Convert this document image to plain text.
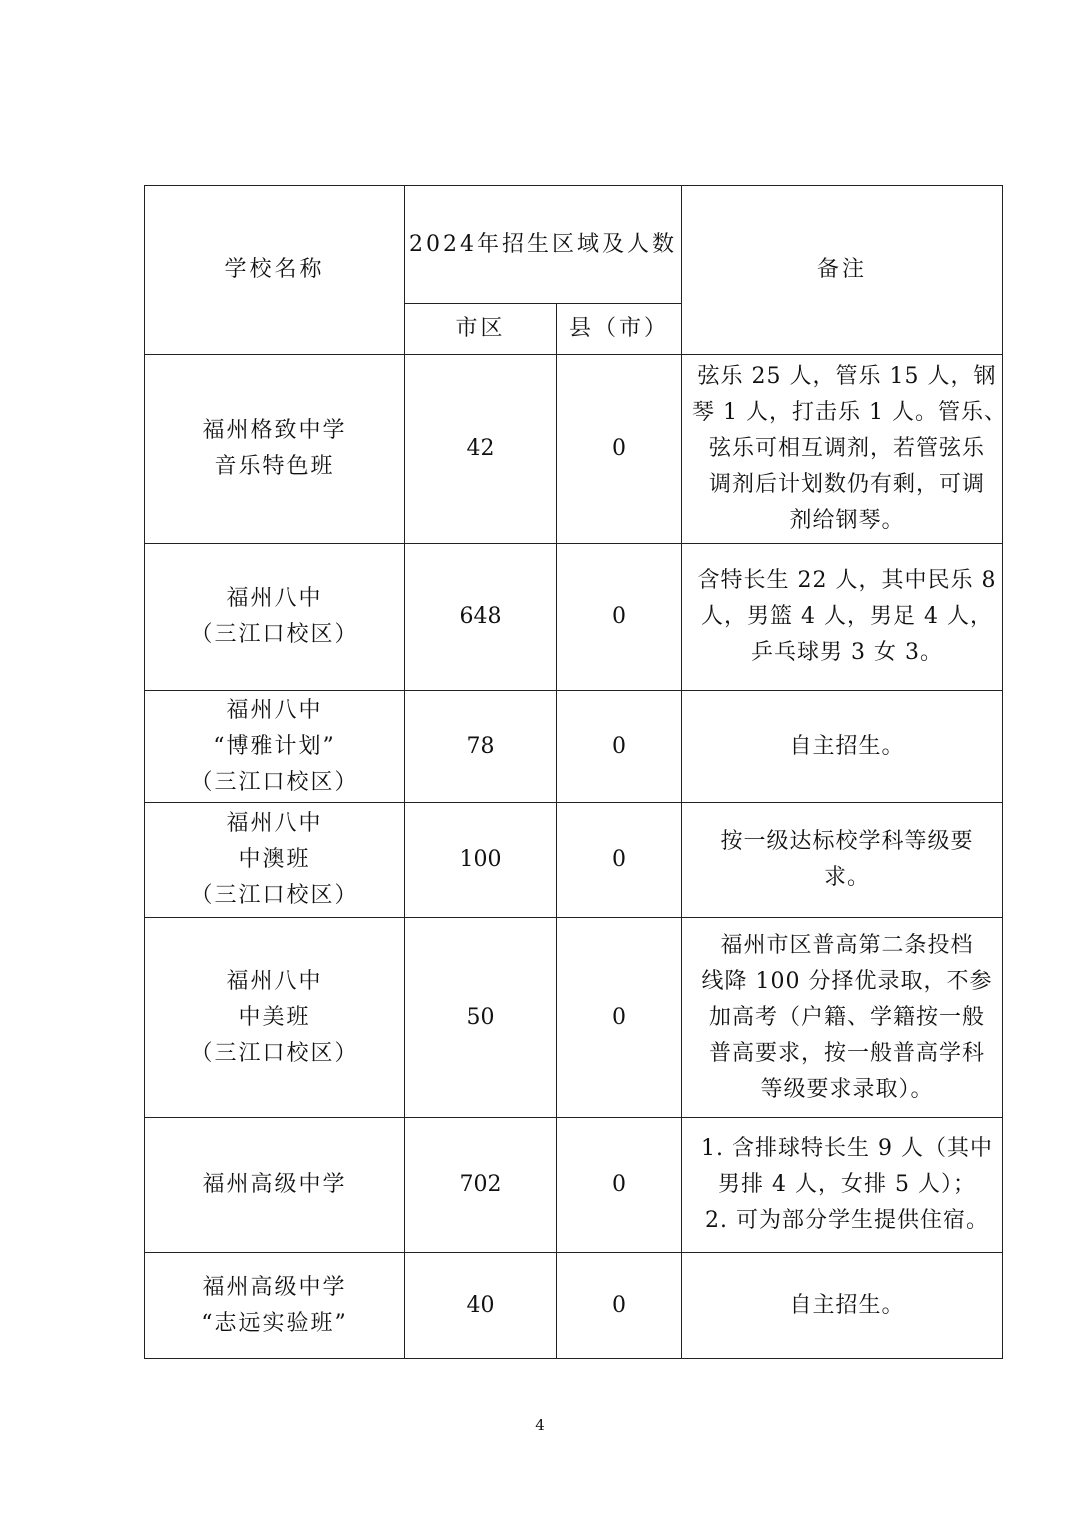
学校名称	2024年招生区域及人数		备注
	市区	县（市）	

福州格致中学
音乐特色班	42	0	弦乐 25 人，管乐 15 人，钢
琴 1 人，打击乐 1 人。管乐、
弦乐可相互调剂，若管弦乐
调剂后计划数仍有剩，可调
剂给钢琴。

福州八中
（三江口校区）	648	0	含特长生 22 人，其中民乐 8
人，男篮 4 人，男足 4 人，
乒乓球男 3 女 3。

福州八中
“博雅计划”
（三江口校区）	78	0	自主招生。

福州八中
中澳班
（三江口校区）	100	0	按一级达标校学科等级要
求。

福州八中
中美班
（三江口校区）	50	0	福州市区普高第二条投档
线降 100 分择优录取，不参
加高考（户籍、学籍按一般
普高要求，按一般普高学科
等级要求录取）。

福州高级中学	702	0	1. 含排球特长生 9 人（其中
男排 4 人，女排 5 人）；
2. 可为部分学生提供住宿。

福州高级中学
“志远实验班”	40	0	自主招生。
4
